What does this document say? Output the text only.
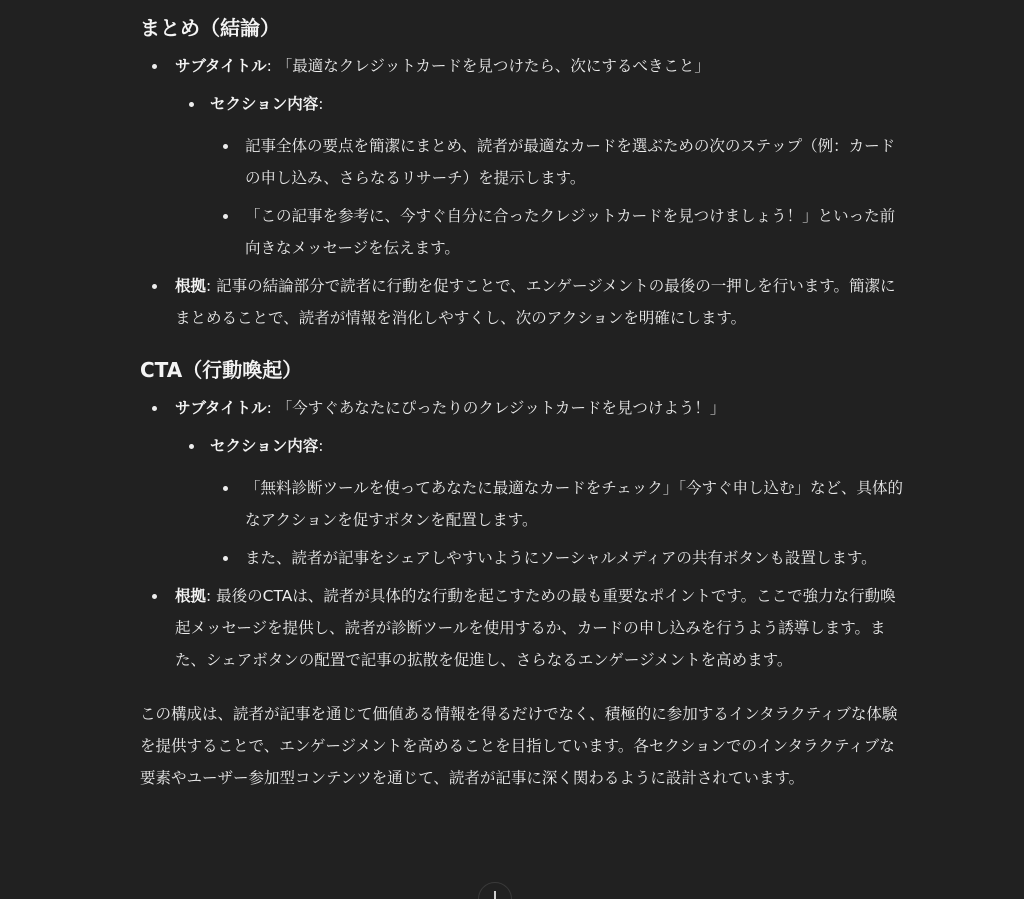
まとめ（結論）
サブタイトル: 「最適なクレジットカードを見つけたら、次にするべきこと」
セクション内容:
記事全体の要点を簡潔にまとめ、読者が最適なカードを選ぶための次のステップ（例：カードの申し込み、さらなるリサーチ）を提示します。
「この記事を参考に、今すぐ自分に合ったクレジットカードを見つけましょう！」といった前向きなメッセージを伝えます。
根拠: 記事の結論部分で読者に行動を促すことで、エンゲージメントの最後の一押しを行います。簡潔にまとめることで、読者が情報を消化しやすくし、次のアクションを明確にします。
CTA（行動喚起）
サブタイトル: 「今すぐあなたにぴったりのクレジットカードを見つけよう！」
セクション内容:
「無料診断ツールを使ってあなたに最適なカードをチェック」「今すぐ申し込む」など、具体的なアクションを促すボタンを配置します。
また、読者が記事をシェアしやすいようにソーシャルメディアの共有ボタンも設置します。
根拠: 最後のCTAは、読者が具体的な行動を起こすための最も重要なポイントです。ここで強力な行動喚起メッセージを提供し、読者が診断ツールを使用するか、カードの申し込みを行うよう誘導します。また、シェアボタンの配置で記事の拡散を促進し、さらなるエンゲージメントを高めます。

この構成は、読者が記事を通じて価値ある情報を得るだけでなく、積極的に参加するインタラクティブな体験を提供することで、エンゲージメントを高めることを目指しています。各セクションでのインタラクティブな要素やユーザー参加型コンテンツを通じて、読者が記事に深く関わるように設計されています。
